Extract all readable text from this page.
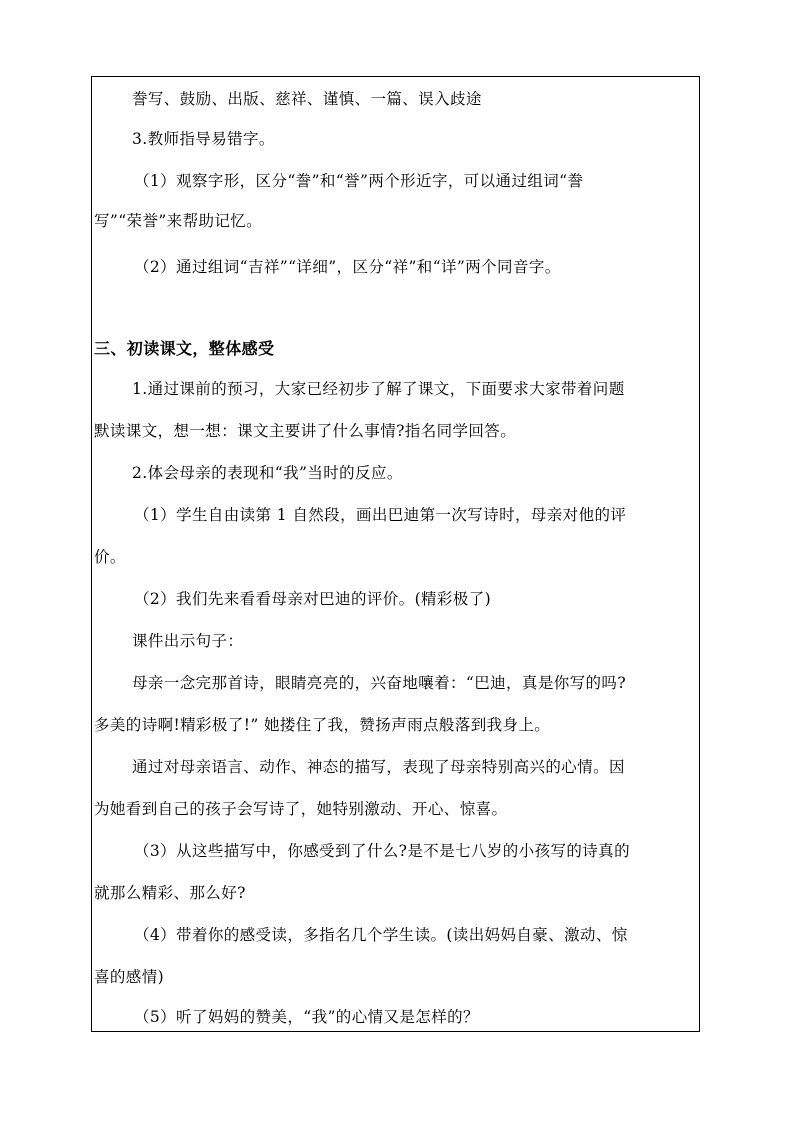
誊写、鼓励、出版、慈祥、谨慎、一篇、误入歧途
3.教师指导易错字。
（1）观察字形，区分“誊”和“誉”两个形近字，可以通过组词“誊
写”“荣誉”来帮助记忆。
（2）通过组词“吉祥”“详细”，区分“祥”和“详”两个同音字。
三、初读课文，整体感受
1.通过课前的预习，大家已经初步了解了课文，下面要求大家带着问题
默读课文，想一想：课文主要讲了什么事情?指名同学回答。
2.体会母亲的表现和“我”当时的反应。
（1）学生自由读第 1 自然段，画出巴迪第一次写诗时，母亲对他的评
价。
（2）我们先来看看母亲对巴迪的评价。(精彩极了)
课件出示句子：
母亲一念完那首诗，眼睛亮亮的，兴奋地嚷着：“巴迪，真是你写的吗?
多美的诗啊!精彩极了!” 她搂住了我，赞扬声雨点般落到我身上。
通过对母亲语言、动作、神态的描写，表现了母亲特别高兴的心情。因
为她看到自己的孩子会写诗了，她特别激动、开心、惊喜。
（3）从这些描写中，你感受到了什么?是不是七八岁的小孩写的诗真的
就那么精彩、那么好?
（4）带着你的感受读，多指名几个学生读。(读出妈妈自豪、激动、惊
喜的感情)
（5）听了妈妈的赞美，“我”的心情又是怎样的？
